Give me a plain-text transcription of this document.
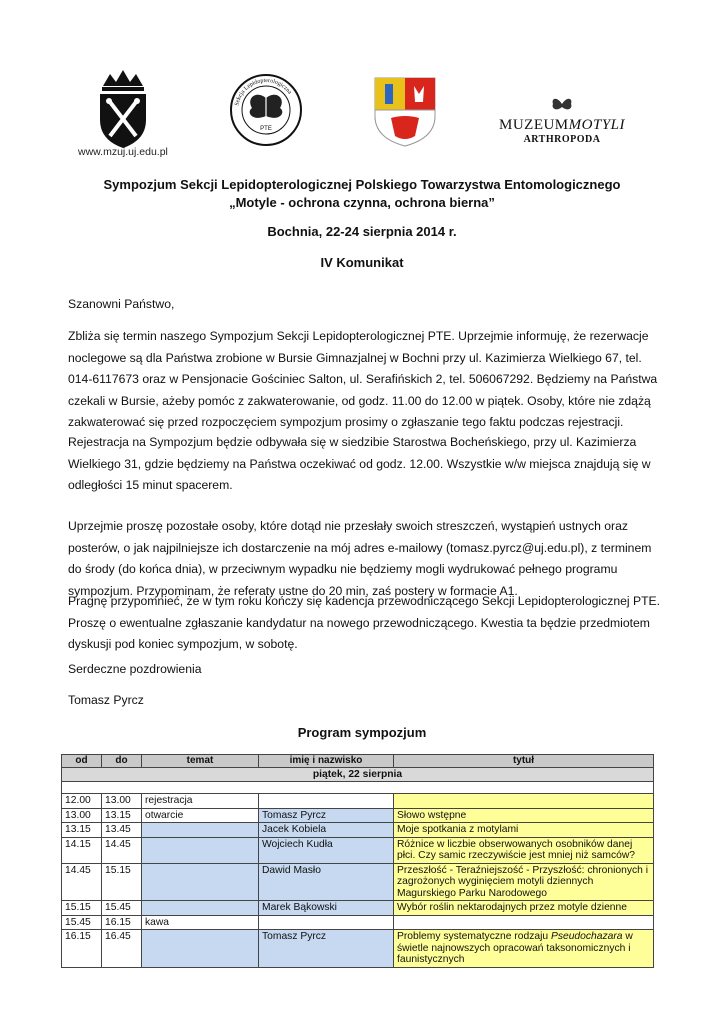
PTE
Sekcja Lepidopterologiczna
MUZEUMMOTYLI
ARTHROPODA
www.mzuj.uj.edu.pl
Sympozjum Sekcji Lepidopterologicznej Polskiego Towarzystwa Entomologicznego
„Motyle - ochrona czynna, ochrona bierna”
Bochnia, 22-24 sierpnia 2014 r.
IV Komunikat
Szanowni Państwo,

Zbliża się termin naszego Sympozjum Sekcji Lepidopterologicznej PTE. Uprzejmie informuję, że rezerwacje noclegowe są dla Państwa zrobione w Bursie Gimnazjalnej w Bochni przy ul. Kazimierza Wielkiego 67, tel. 014-6117673 oraz w Pensjonacie Gościniec Salton, ul. Serafińskich 2, tel. 506067292. Będziemy na Państwa czekali w Bursie, ażeby pomóc z zakwaterowanie, od godz. 11.00 do 12.00 w piątek. Osoby, które nie zdążą zakwaterować się przed rozpoczęciem sympozjum prosimy o zgłaszanie tego faktu podczas rejestracji.

Rejestracja na Sympozjum będzie odbywała się w siedzibie Starostwa Bocheńskiego, przy ul. Kazimierza Wielkiego 31, gdzie będziemy na Państwa oczekiwać od godz. 12.00. Wszystkie w/w miejsca znajdują się w odległości 15 minut spacerem.

Uprzejmie proszę pozostałe osoby, które dotąd nie przesłały swoich streszczeń, wystąpień ustnych oraz posterów, o jak najpilniejsze ich dostarczenie na mój adres e-mailowy (tomasz.pyrcz@uj.edu.pl), z terminem do środy (do końca dnia), w przeciwnym wypadku nie będziemy mogli wydrukować pełnego programu sympozjum. Przypominam, że referaty ustne do 20 min, zaś postery w formacie A1.

Pragnę przypomnieć, że w tym roku kończy się kadencja przewodniczącego Sekcji Lepidopterologicznej PTE. Proszę o ewentualne zgłaszanie kandydatur na nowego przewodniczącego. Kwestia ta będzie przedmiotem dyskusji pod koniec sympozjum, w sobotę.

Serdeczne pozdrowienia
Tomasz Pyrcz
Program sympozjum
od	do	temat	imię i nazwisko	tytuł
piątek, 22 sierpnia				

12.00	13.00	rejestracja		
13.00	13.15	otwarcie	Tomasz Pyrcz	Słowo wstępne
13.15	13.45		Jacek Kobiela	Moje spotkania z motylami
14.15	14.45		Wojciech Kudła	Różnice w liczbie obserwowanych osobników danej płci. Czy samic rzeczywiście jest mniej niż samców?
14.45	15.15		Dawid Masło	Przeszłość - Teraźniejszość - Przyszłość: chronionych i zagrożonych wyginięciem motyli dziennych Magurskiego Parku Narodowego
15.15	15.45		Marek Bąkowski	Wybór roślin nektarodajnych przez motyle dzienne
15.45	16.15	kawa		
16.15	16.45		Tomasz Pyrcz	Problemy systematyczne rodzaju Pseudochazara w świetle najnowszych opracowań taksonomicznych i faunistycznych
